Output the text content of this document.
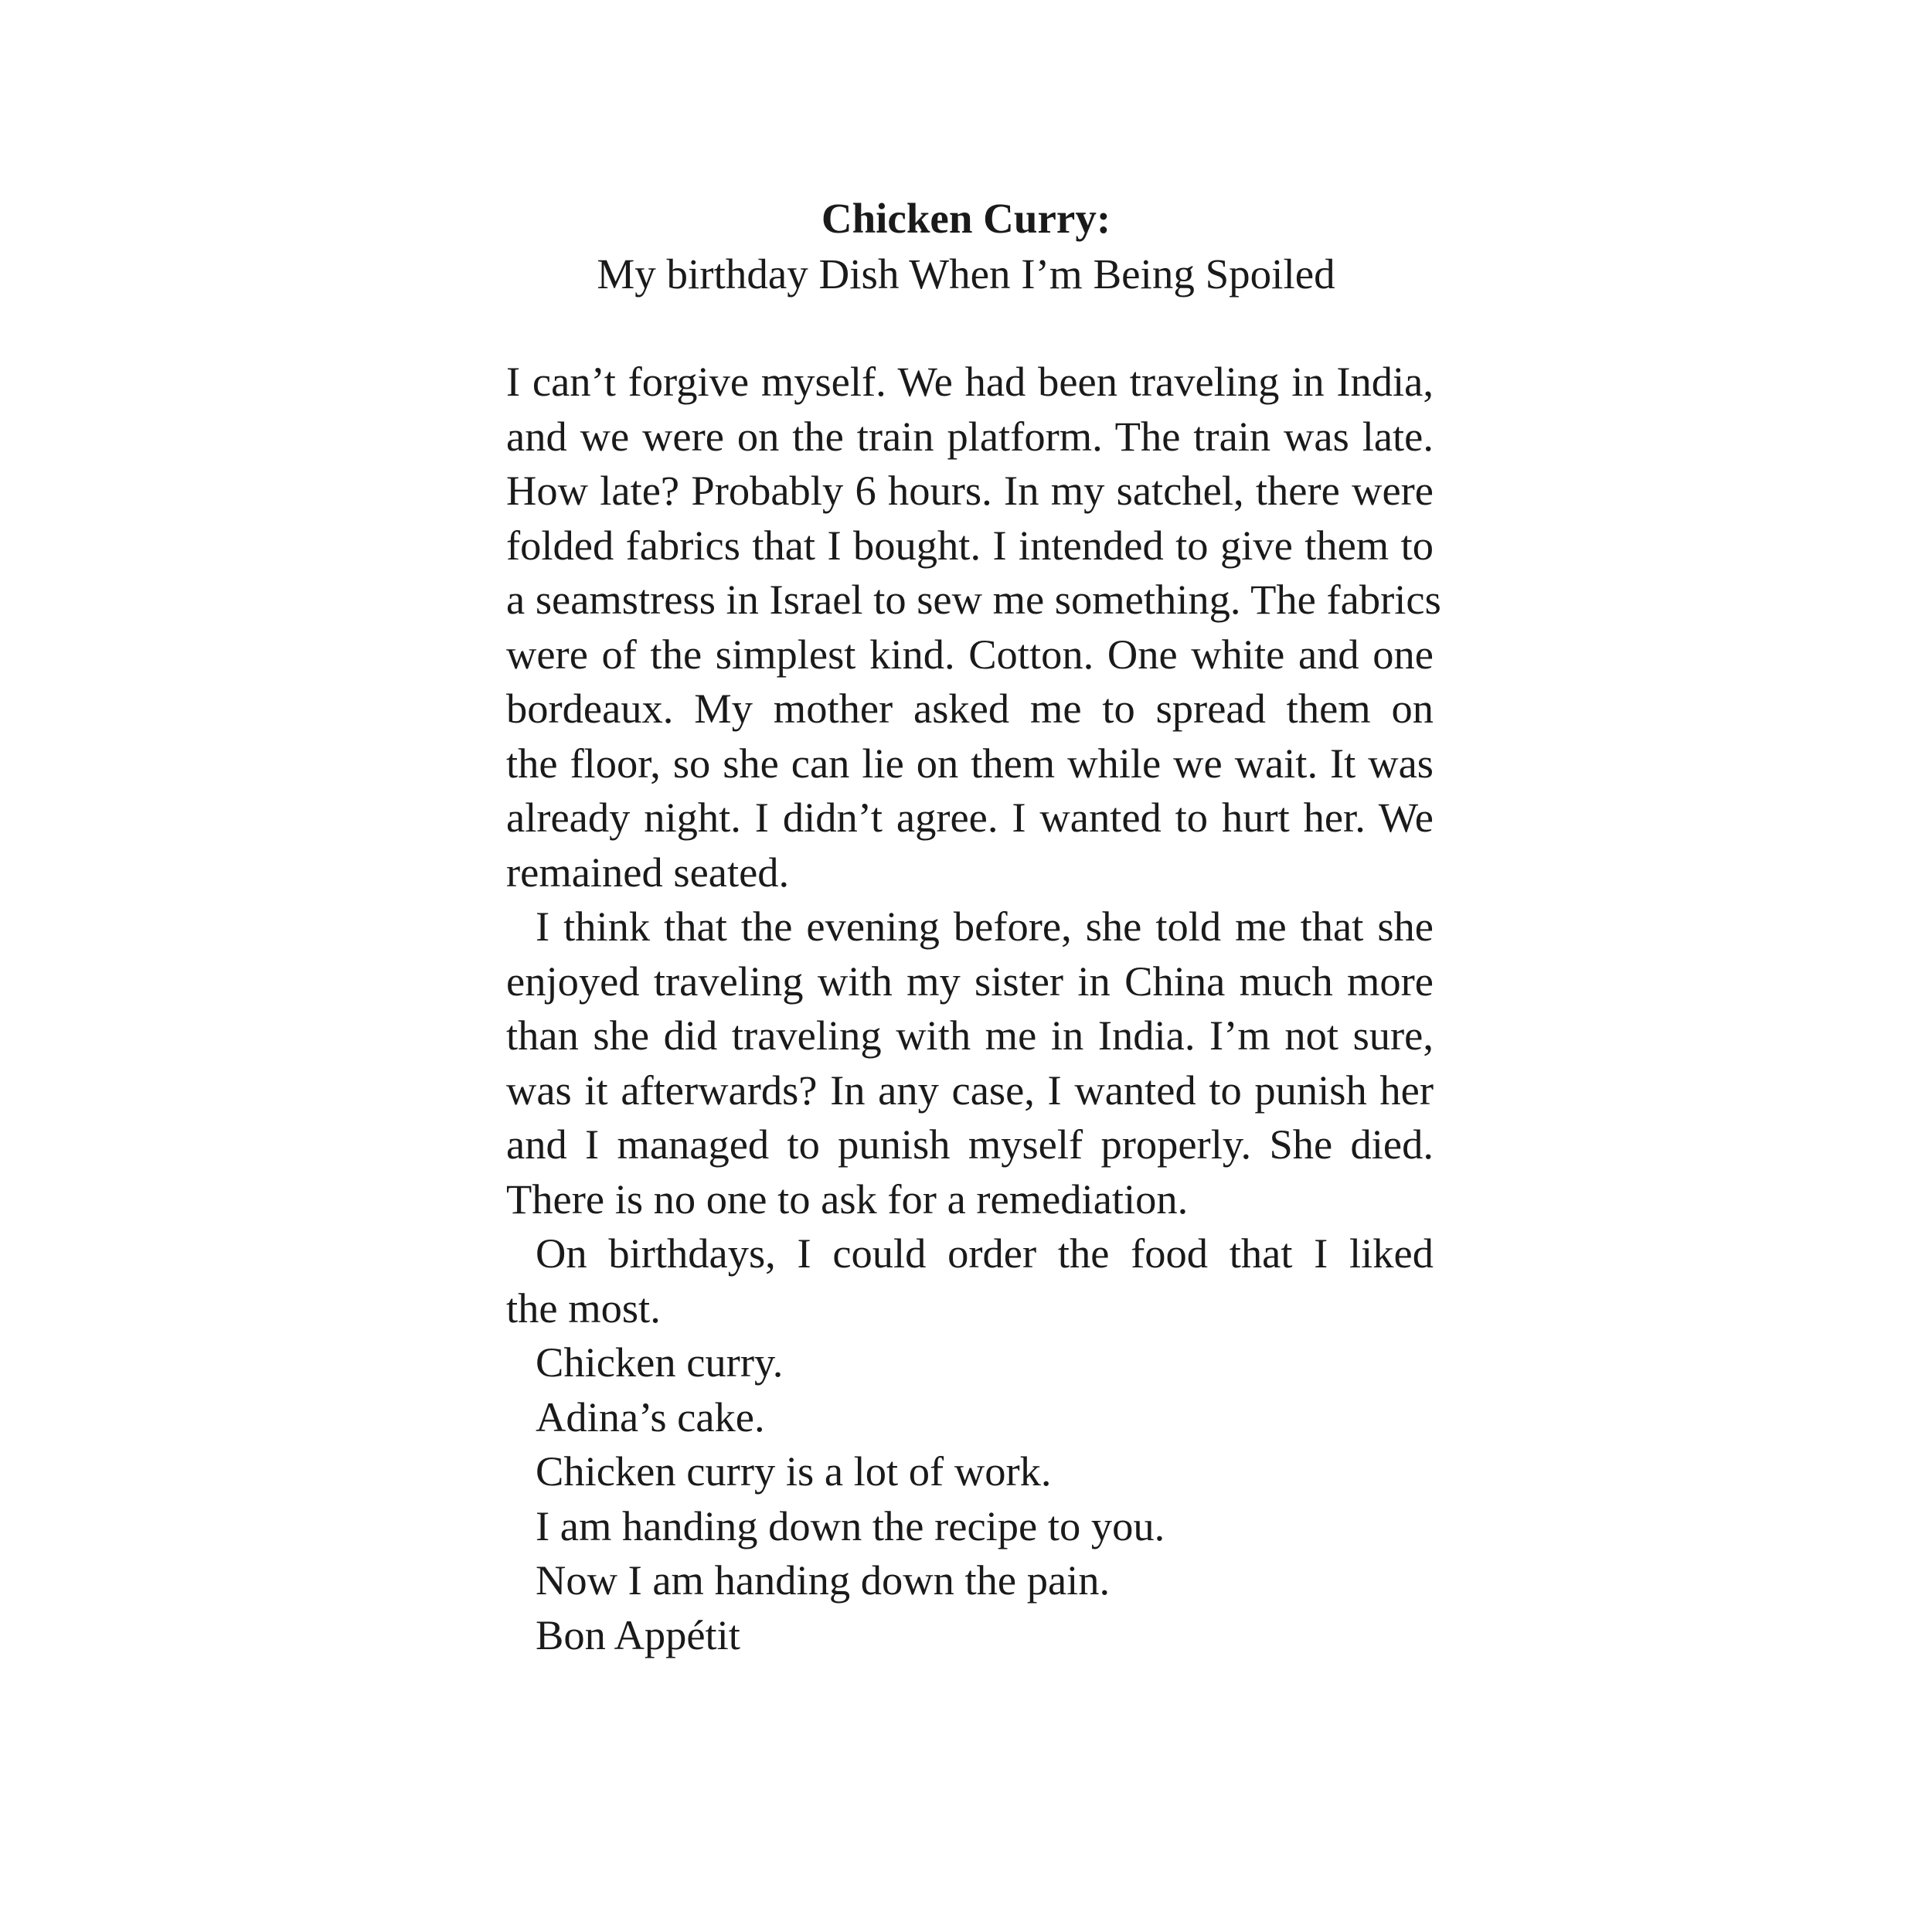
Chicken Curry:
My birthday Dish When I’m Being Spoiled
I can’t forgive myself. We had been traveling in India,
and we were on the train platform. The train was late.
How late? Probably 6 hours. In my satchel, there were
folded fabrics that I bought. I intended to give them to
a seamstress in Israel to sew me something. The fabrics
were of the simplest kind. Cotton. One white and one
bordeaux. My mother asked me to spread them on
the floor, so she can lie on them while we wait. It was
already night. I didn’t agree. I wanted to hurt her. We
remained seated.
I think that the evening before, she told me that she
enjoyed traveling with my sister in China much more
than she did traveling with me in India. I’m not sure,
was it afterwards? In any case, I wanted to punish her
and I managed to punish myself properly. She died.
There is no one to ask for a remediation.
On birthdays, I could order the food that I liked
the most.
Chicken curry.
Adina’s cake.
Chicken curry is a lot of work.
I am handing down the recipe to you.
Now I am handing down the pain.
Bon Appétit
